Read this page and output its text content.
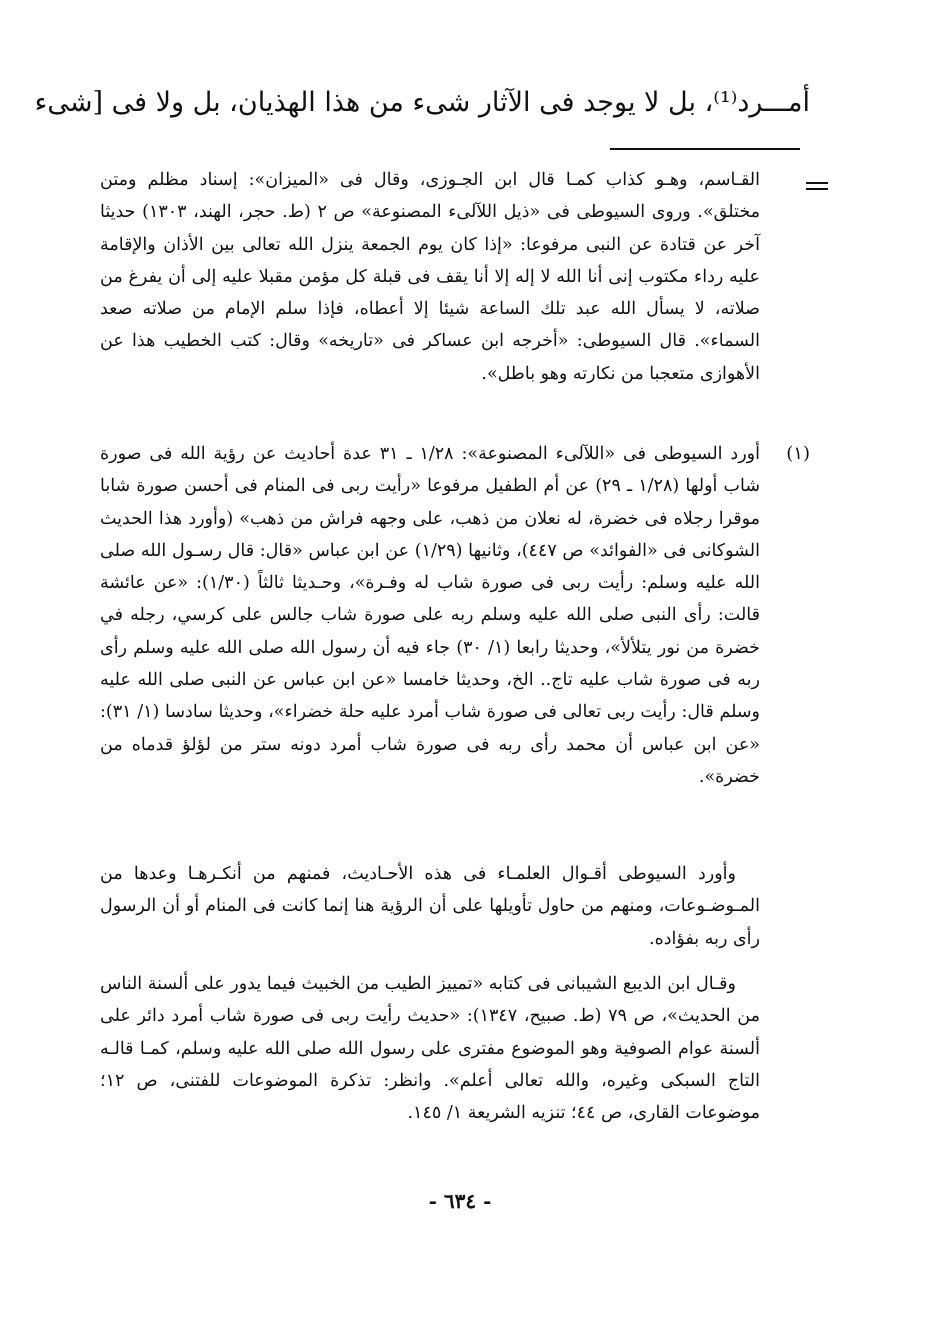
أمـــرد⁽¹⁾، بل لا يوجد فى الآثار شىء من هذا الهذيان، بل ولا فى [شىء

القـاسم، وهـو كذاب كمـا قال ابن الجـوزى، وقال فى «الميزان»: إسناد مظلم ومتن مختلق». وروى السيوطى فى «ذيل اللآلىء المصنوعة» ص ٢ (ط. حجر، الهند، ١٣٠٣) حديثا آخر عن قتادة عن النبى مرفوعا: «إذا كان يوم الجمعة ينزل الله تعالى بين الأذان والإقامة عليه رداء مكتوب إنى أنا الله لا إله إلا أنا يقف فى قبلة كل مؤمن مقبلا عليه إلى أن يفرغ من صلاته، لا يسأل الله عبد تلك الساعة شيئا إلا أعطاه، فإذا سلم الإمام من صلاته صعد السماء». قال السيوطى: «أخرجه ابن عساكر فى «تاريخه» وقال: كتب الخطيب هذا عن الأهوازى متعجبا من نكارته وهو باطل».

(١)

أورد السيوطى فى «اللآلىء المصنوعة»: ١/٢٨ ـ ٣١ عدة أحاديث عن رؤية الله فى صورة شاب أولها (١/٢٨ ـ ٢٩) عن أم الطفيل مرفوعا «رأيت ربى فى المنام فى أحسن صورة شابا موقرا رجلاه فى خضرة، له نعلان من ذهب، على وجهه فراش من ذهب» (وأورد هذا الحديث الشوكانى فى «الفوائد» ص ٤٤٧)، وثانيها (١/٢٩) عن ابن عباس «قال: قال رسـول الله صلى الله عليه وسلم: رأيت ربى فى صورة شاب له وفـرة»، وحـديثا ثالثاً (١/٣٠): «عن عائشة قالت: رأى النبى صلى الله عليه وسلم ربه على صورة شاب جالس على كرسي، رجله في خضرة من نور يتلألأ»، وحديثا رابعا (١/ ٣٠) جاء فيه أن رسول الله صلى الله عليه وسلم رأى ربه فى صورة شاب عليه تاج.. الخ، وحديثا خامسا «عن ابن عباس عن النبى صلى الله عليه وسلم قال: رأيت ربى تعالى فى صورة شاب أمرد عليه حلة خضراء»، وحديثا سادسا (١/ ٣١): «عن ابن عباس أن محمد رأى ربه فى صورة شاب أمرد دونه ستر من لؤلؤ قدماه من خضرة».

وأورد السيوطى أقـوال العلمـاء فى هذه الأحـاديث، فمنهم من أنكـرهـا وعدها من المـوضـوعات، ومنهم من حاول تأويلها على أن الرؤية هنا إنما كانت فى المنام أو أن الرسول رأى ربه بفؤاده.

وقـال ابن الديبع الشيبانى فى كتابه «تمييز الطيب من الخبيث فيما يدور على ألسنة الناس من الحديث»، ص ٧٩ (ط. صبيح، ١٣٤٧): «حديث رأيت ربى فى صورة شاب أمرد دائر على ألسنة عوام الصوفية وهو الموضوع مفترى على رسول الله صلى الله عليه وسلم، كمـا قالـه التاج السبكى وغيره، والله تعالى أعلم». وانظر: تذكرة الموضوعات للفتنى، ص ١٢؛ موضوعات القارى، ص ٤٤؛ تنزيه الشريعة ١/ ١٤٥.

- ٦٣٤ -
